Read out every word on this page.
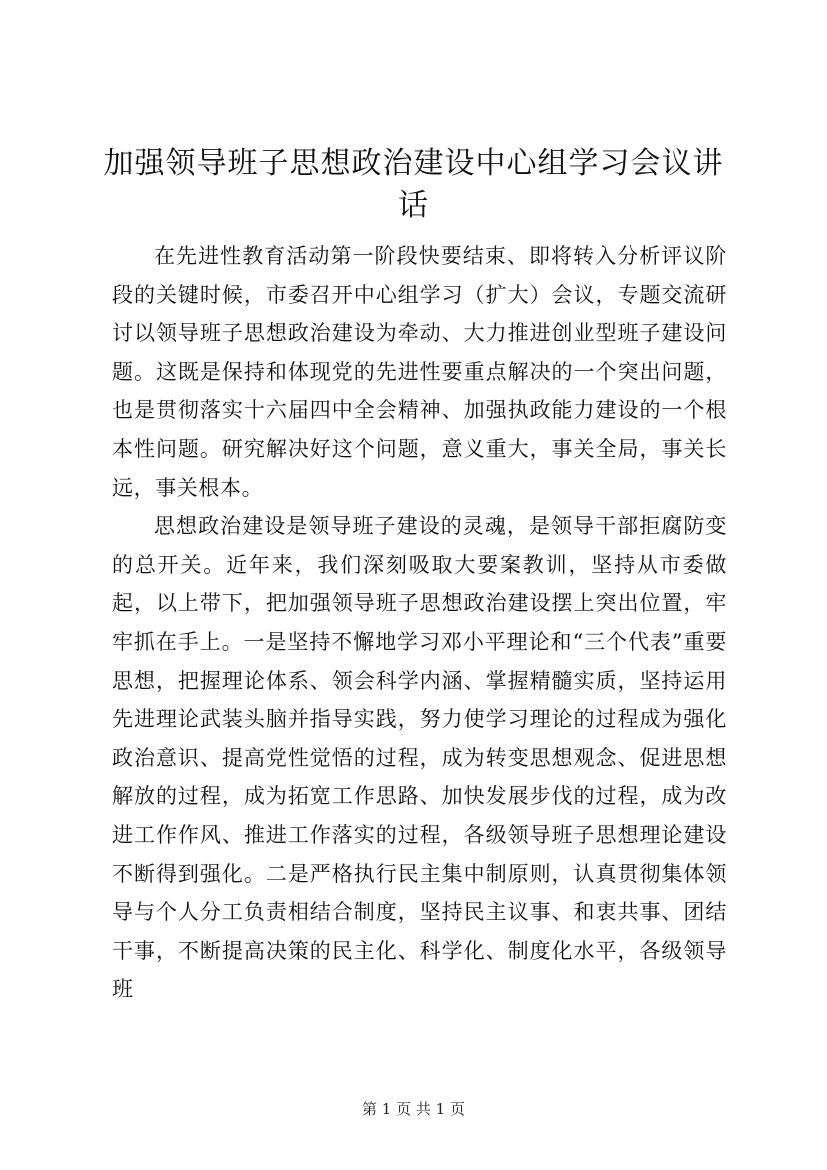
加强领导班子思想政治建设中心组学习会议讲话

在先进性教育活动第一阶段快要结束、即将转入分析评议阶段的关键时候，市委召开中心组学习（扩大）会议，专题交流研讨以领导班子思想政治建设为牵动、大力推进创业型班子建设问题。这既是保持和体现党的先进性要重点解决的一个突出问题，也是贯彻落实十六届四中全会精神、加强执政能力建设的一个根本性问题。研究解决好这个问题，意义重大，事关全局，事关长远，事关根本。

思想政治建设是领导班子建设的灵魂，是领导干部拒腐防变的总开关。近年来，我们深刻吸取大要案教训，坚持从市委做起，以上带下，把加强领导班子思想政治建设摆上突出位置，牢牢抓在手上。一是坚持不懈地学习邓小平理论和“三个代表”重要思想，把握理论体系、领会科学内涵、掌握精髓实质，坚持运用先进理论武装头脑并指导实践，努力使学习理论的过程成为强化政治意识、提高党性觉悟的过程，成为转变思想观念、促进思想解放的过程，成为拓宽工作思路、加快发展步伐的过程，成为改进工作作风、推进工作落实的过程，各级领导班子思想理论建设不断得到强化。二是严格执行民主集中制原则，认真贯彻集体领导与个人分工负责相结合制度，坚持民主议事、和衷共事、团结干事，不断提高决策的民主化、科学化、制度化水平，各级领导班

第 1 页 共 1 页
